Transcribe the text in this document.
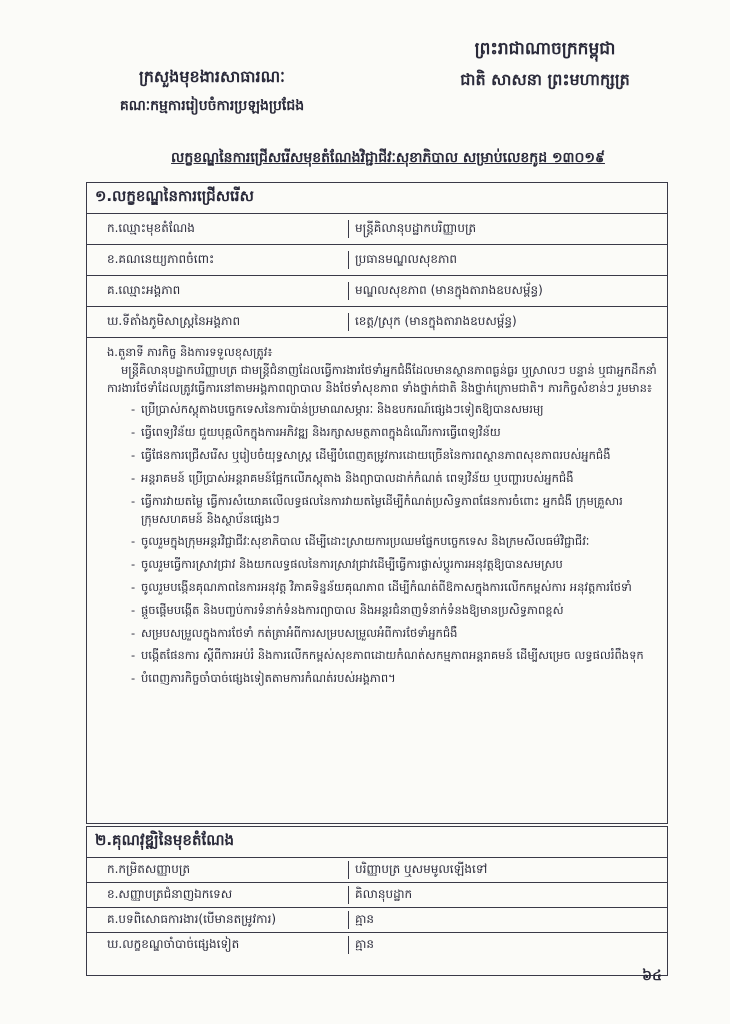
ព្រះរាជាណាចក្រកម្ពុជា
ជាតិ សាសនា ព្រះមហាក្សត្រ
ក្រសួងមុខងារសាធារណៈ
គណៈកម្មការរៀបចំការប្រឡងប្រជែង
លក្ខខណ្ឌនៃការជ្រើសរើសមុខតំណែងវិជ្ជាជីវៈសុខាភិបាល សម្រាប់លេខកូដ ១៣០១៩
១.លក្ខខណ្ឌនៃការជ្រើសរើស
ក.ឈ្មោះមុខតំណែង	មន្ត្រីគិលានុបដ្ឋាកបរិញ្ញាបត្រ
ខ.គណនេយ្យភាពចំពោះ	ប្រធានមណ្ឌលសុខភាព
គ.ឈ្មោះអង្គភាព	មណ្ឌលសុខភាព (មានក្នុងតារាងឧបសម្ព័ន្ធ)
ឃ.ទីតាំងភូមិសាស្ត្រនៃអង្គភាព	ខេត្ត/ស្រុក (មានក្នុងតារាងឧបសម្ព័ន្ធ)
ង.តួនាទី ភារកិច្ច និងការទទួលខុសត្រូវ៖

មន្ត្រីគិលានុបដ្ឋាកបរិញ្ញាបត្រ ជាមន្ត្រីជំនាញដែលធ្វើការងារថែទាំអ្នកជំងឺដែលមានស្ថានភាពធ្ងន់ធ្ងរ ឬស្រាលៗ បន្ទាន់ ឬជាអ្នកដឹកនាំការងារថែទាំដែលត្រូវធ្វើការនៅតាមអង្គភាពព្យាបាល និងថែទាំសុខភាព ទាំងថ្នាក់ជាតិ និងថ្នាក់ក្រោមជាតិ។ ភារកិច្ចសំខាន់ៗ រួមមាន៖

- ប្រើប្រាស់កស្តុតាងបច្ចេកទេសនៃការប៉ាន់ប្រមាណសម្ភារៈ និងឧបករណ៍ផ្សេងៗទៀតឱ្យបានសមរម្យ
- ធ្វើពេទ្យវិន័យ ជួយបុគ្គលិកក្នុងការអភិវឌ្ឍ និងរក្សាសមត្ថភាពក្នុងដំណើរការធ្វើពេទ្យវិន័យ
- ធ្វើផែនការជ្រើសរើស ឬរៀបចំយុទ្ធសាស្ត្រ ដើម្បីបំពេញតម្រូវការដោយច្រើននៃការពស្ថានភាពសុខភាពរបស់អ្នកជំងឺ
- អន្តរាគមន៍ ប្រើប្រាស់អន្តរាគមន៍ផ្អែកលើភស្តុតាង និងព្យាបាលដាក់កំណត់ ពេទ្យវិន័យ ឬបញ្ហារបស់អ្នកជំងឺ
- ធ្វើការវាយតម្លៃ ធ្វើការសំយោគលើលទ្ធផលនៃការវាយតម្លៃដើម្បីកំណត់ប្រសិទ្ធភាពផែនការចំពោះ អ្នកជំងឺ ក្រុមគ្រួសារ ក្រុមសហគមន៍ និងស្ថាប័នផ្សេងៗ
- ចូលរួមក្នុងក្រុមអន្តរវិជ្ជាជីវៈសុខាភិបាល ដើម្បីដោះស្រាយការប្រឈមផ្នែកបច្ចេកទេស និងក្រមសីលធម៌វិជ្ជាជីវៈ
- ចូលរួមធ្វើការស្រាវជ្រាវ និងយកលទ្ធផលនៃការស្រាវជ្រាវដើម្បីធ្វើការផ្លាស់ប្តូរការអនុវត្តឱ្យបានសមស្រប
- ចូលរួមបង្កើនគុណភាពនៃការអនុវត្ត វិភាគទិន្នន័យគុណភាព ដើម្បីកំណត់ពីឱកាសក្នុងការលើកកម្ពស់ការ អនុវត្តការថែទាំ
- ផ្តួចផ្តើមបង្កើត និងបញ្ចប់ការទំនាក់ទំនងការព្យាបាល និងអន្តរជំនាញទំនាក់ទំនងឱ្យមានប្រសិទ្ធភាពខ្ពស់
- សម្របសម្រួលក្នុងការថែទាំ កត់ត្រាអំពីការសម្របសម្រួលអំពីការថែទាំអ្នកជំងឺ
- បង្កើតផែនការ ស្តីពីការអប់រំ និងការលើកកម្ពស់សុខភាពដោយកំណត់សកម្មភាពអន្តរាគមន៍ ដើម្បីសម្រេច លទ្ធផលរំពឹងទុក
- បំពេញភារកិច្ចចាំបាច់ផ្សេងទៀតតាមការកំណត់របស់អង្គភាព។
២.គុណវុឌ្ឍិនៃមុខតំណែង
ក.កម្រិតសញ្ញាបត្រ	បរិញ្ញាបត្រ ឬសមមូលឡើងទៅ
ខ.សញ្ញាបត្រជំនាញឯកទេស	គិលានុបដ្ឋាក
គ.បទពិសោធការងារ(បើមានតម្រូវការ)	គ្មាន
ឃ.លក្ខខណ្ឌចាំបាច់ផ្សេងទៀត	គ្មាន
៦៤
